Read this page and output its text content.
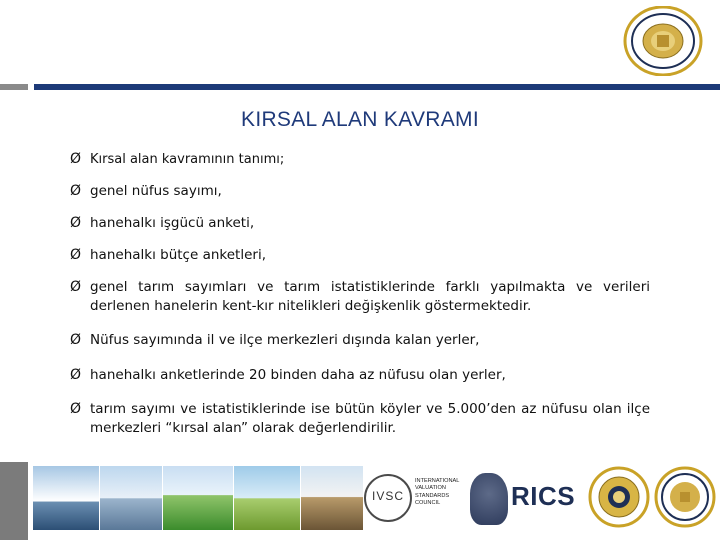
KIRSAL ALAN KAVRAMI
Ø Kırsal alan kavramının tanımı;
Ø genel nüfus sayımı,
Ø hanehalkı işgücü anketi,
Ø hanehalkı bütçe anketleri,
Ø genel tarım sayımları ve tarım istatistiklerinde farklı yapılmakta ve verileri derlenen hanelerin kent-kır nitelikleri değişkenlik göstermektedir.
Ø Nüfus sayımında il ve ilçe merkezleri dışında kalan yerler,
Ø hanehalkı anketlerinde 20 binden daha az nüfusu olan yerler,
Ø tarım sayımı ve istatistiklerinde ise bütün köyler ve 5.000’den az nüfusu olan ilçe merkezleri “kırsal alan” olarak değerlendirilir.
IVSC
INTERNATIONAL VALUATION STANDARDS COUNCIL	RICS
